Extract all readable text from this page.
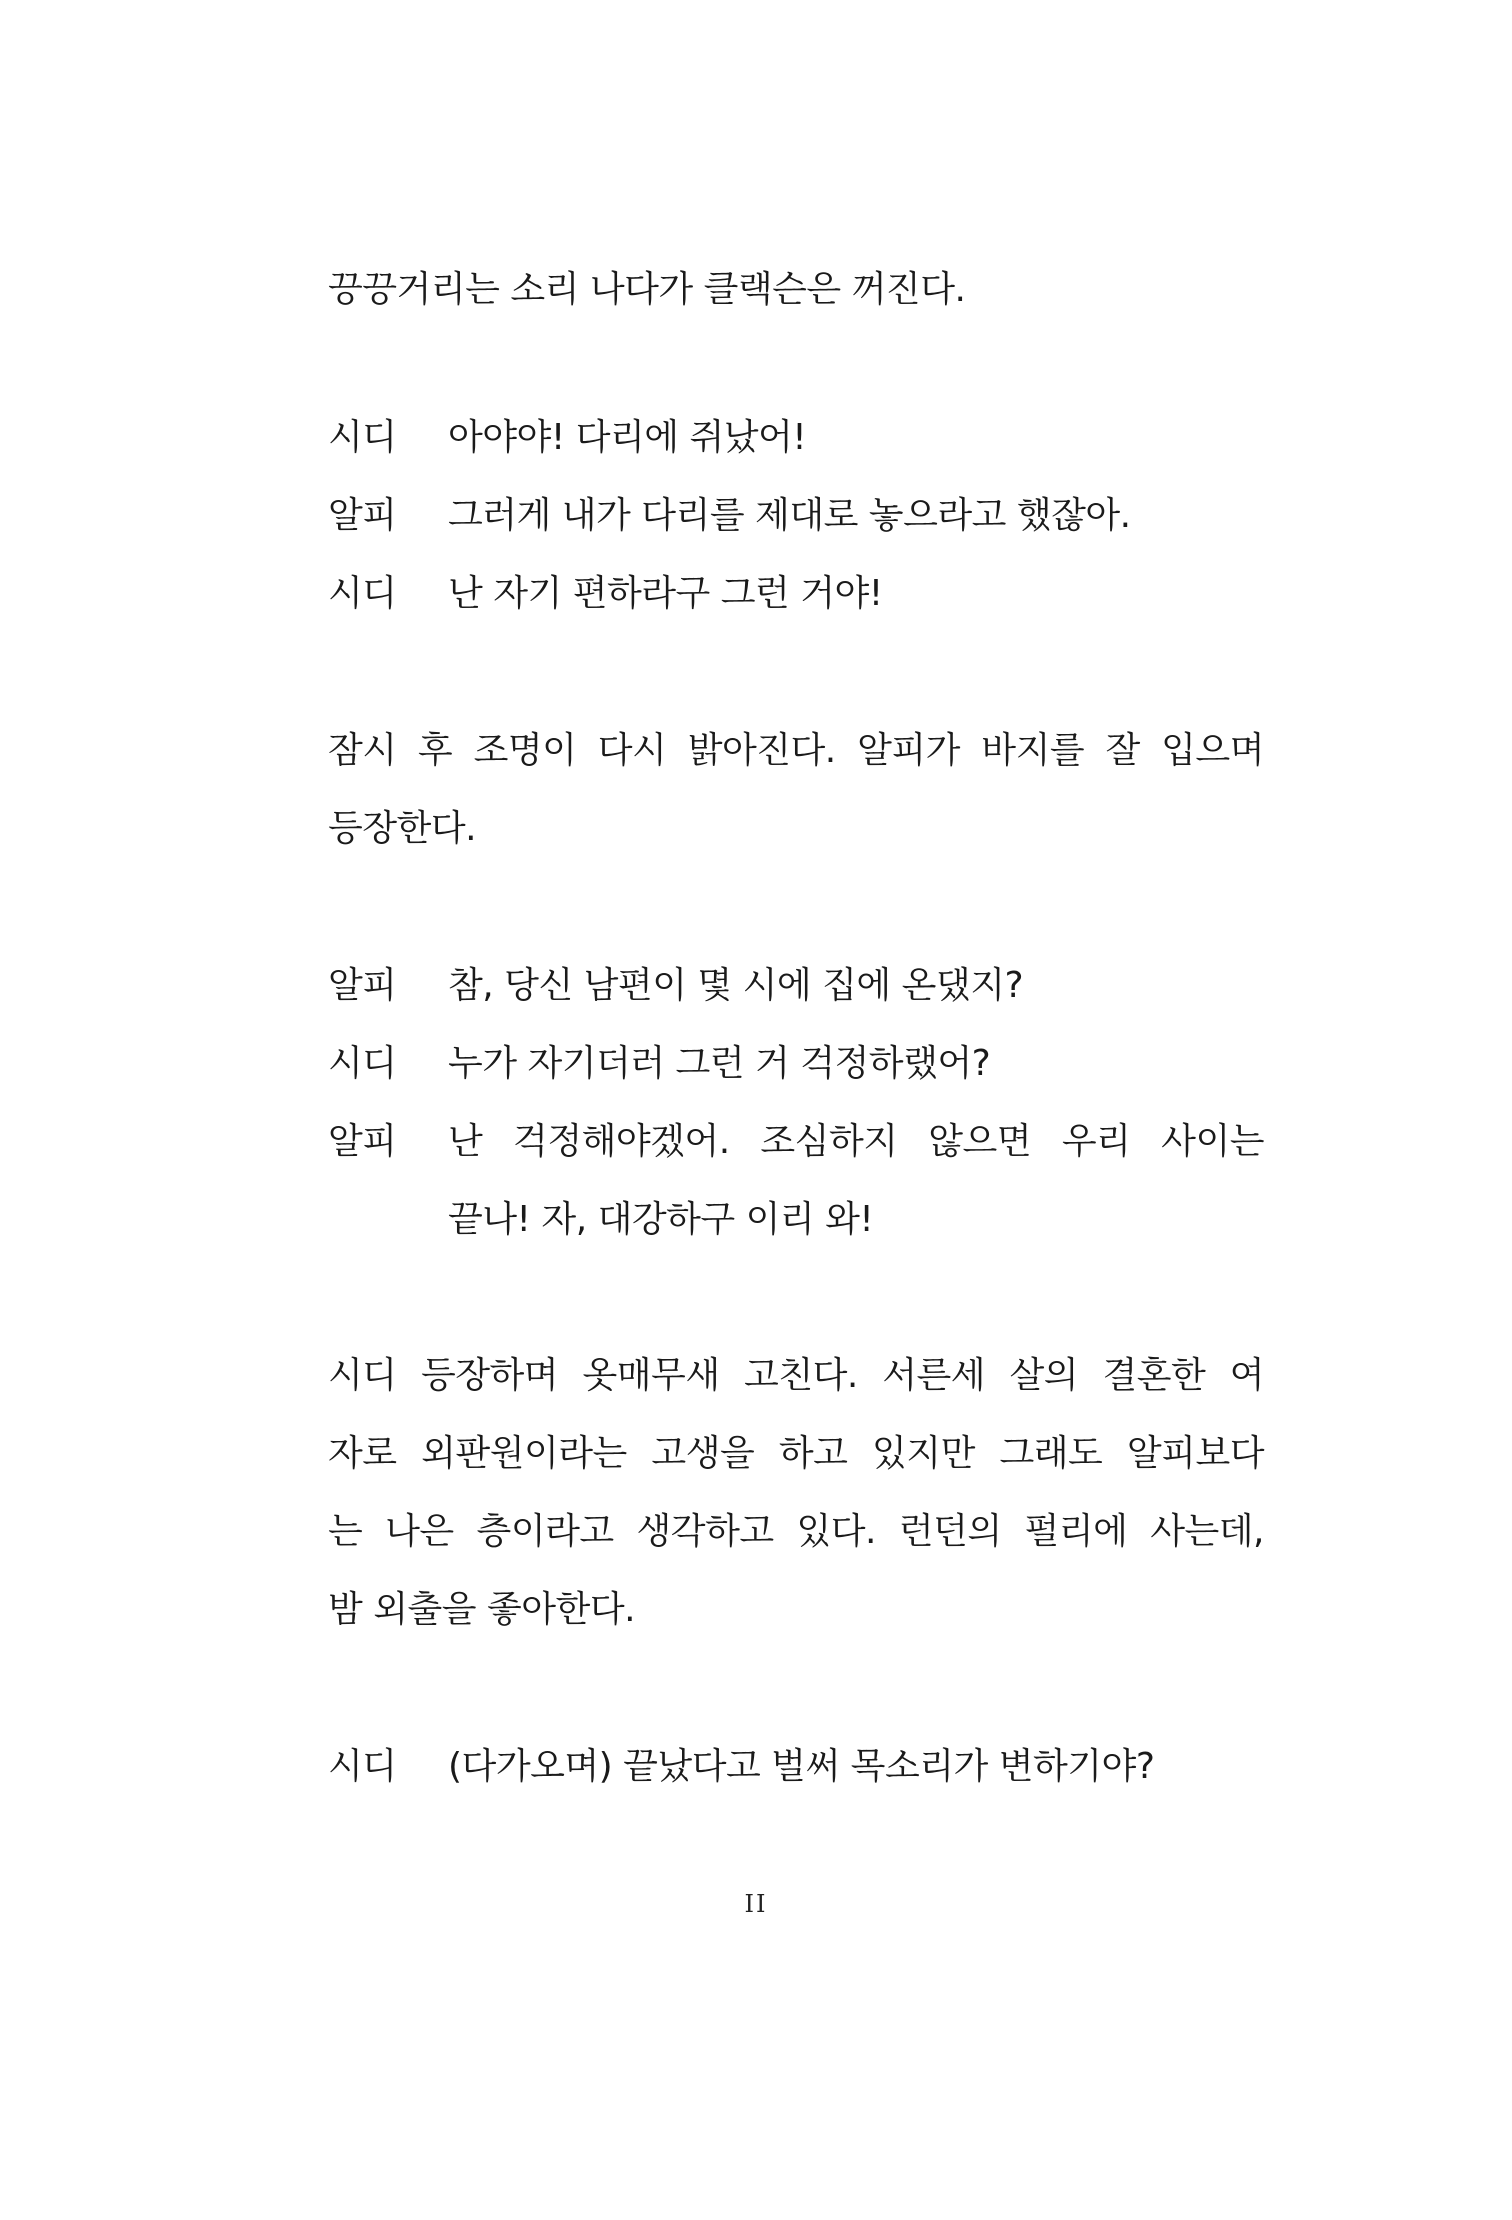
끙끙거리는 소리 나다가 클랙슨은 꺼진다.
시디	아야야! 다리에 쥐났어!
알피	그러게 내가 다리를 제대로 놓으라고 했잖아.
시디	난 자기 편하라구 그런 거야!
잠시 후 조명이 다시 밝아진다. 알피가 바지를 잘 입으며
등장한다.
알피	참, 당신 남편이 몇 시에 집에 온댔지?
시디	누가 자기더러 그런 거 걱정하랬어?
알피	난 걱정해야겠어. 조심하지 않으면 우리 사이는
끝나! 자, 대강하구 이리 와!
시디 등장하며 옷매무새 고친다. 서른세 살의 결혼한 여
자로 외판원이라는 고생을 하고 있지만 그래도 알피보다
는 나은 층이라고 생각하고 있다. 런던의 펄리에 사는데,
밤 외출을 좋아한다.
시디	(다가오며) 끝났다고 벌써 목소리가 변하기야?
II
